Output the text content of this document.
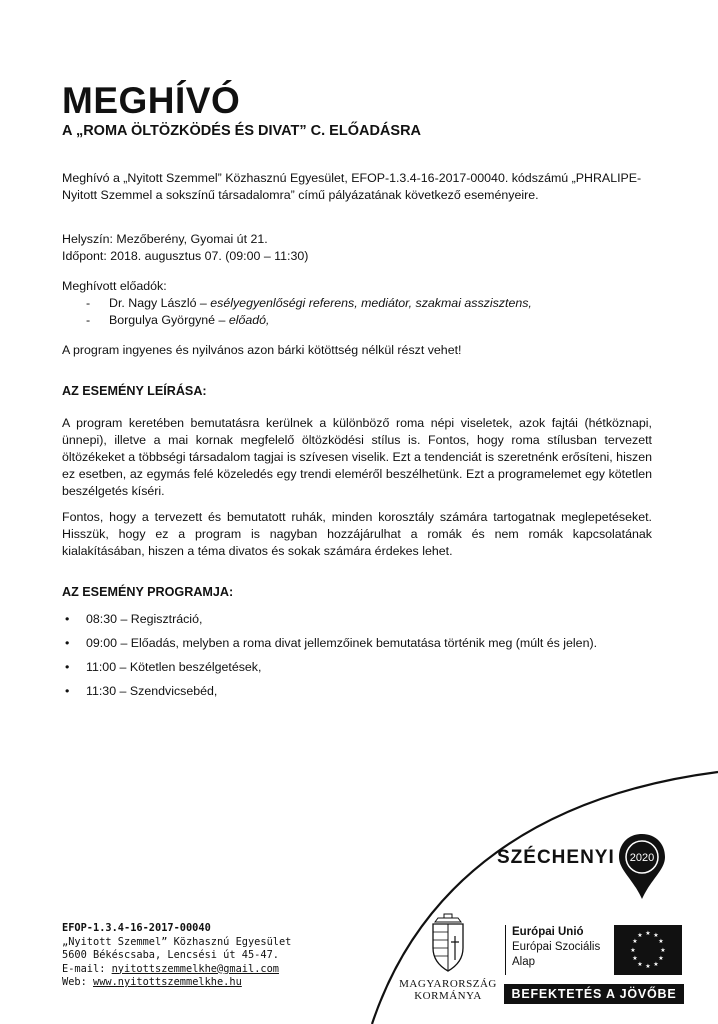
MEGHÍVÓ
A „ROMA ÖLTÖZKÖDÉS ÉS DIVAT” C. ELŐADÁSRA

Meghívó a „Nyitott Szemmel” Közhasznú Egyesület, EFOP-1.3.4-16-2017-00040. kódszámú „PHRALIPE-Nyitott Szemmel a sokszínű társadalomra” című pályázatának következő eseményeire.

Helyszín: Mezőberény, Gyomai út 21.
Időpont: 2018. augusztus 07. (09:00 – 11:30)
Meghívott előadók:
- Dr. Nagy László – esélyegyenlőségi referens, mediátor, szakmai asszisztens,
- Borgulya Györgyné – előadó,

A program ingyenes és nyilvános azon bárki kötöttség nélkül részt vehet!

AZ ESEMÉNY LEÍRÁSA:

A program keretében bemutatásra kerülnek a különböző roma népi viseletek, azok fajtái (hétköznapi, ünnepi), illetve a mai kornak megfelelő öltözködési stílus is. Fontos, hogy roma stílusban tervezett öltözékeket a többségi társadalom tagjai is szívesen viselik. Ezt a tendenciát is szeretnénk erősíteni, hiszen ez esetben, az egymás felé közeledés egy trendi eleméről beszélhetünk. Ezt a programelemet egy kötetlen beszélgetés kíséri.

Fontos, hogy a tervezett és bemutatott ruhák, minden korosztály számára tartogatnak meglepetéseket. Hisszük, hogy ez a program is nagyban hozzájárulhat a romák és nem romák kapcsolatának kialakításában, hiszen a téma divatos és sokak számára érdekes lehet.

AZ ESEMÉNY PROGRAMJA:
• 08:30 – Regisztráció,
• 09:00 – Előadás, melyben a roma divat jellemzőinek bemutatása történik meg (múlt és jelen).
• 11:00 – Kötetlen beszélgetések,
• 11:30 – Szendvicsebéd,
SZÉCHENYI 2020
EFOP-1.3.4-16-2017-00040
„Nyitott Szemmel” Közhasznú Egyesület
5600 Békéscsaba, Lencsési út 45-47.
E-mail: nyitottszemmelkhe@gmail.com
Web: www.nyitottszemmelkhe.hu	MAGYARORSZÁG
KORMÁNYA
Európai Unió
Európai Szociális
Alap
★ ★
★
★
★
★
★
★
★
★
★
★
BEFEKTETÉS A JÖVŐBE
